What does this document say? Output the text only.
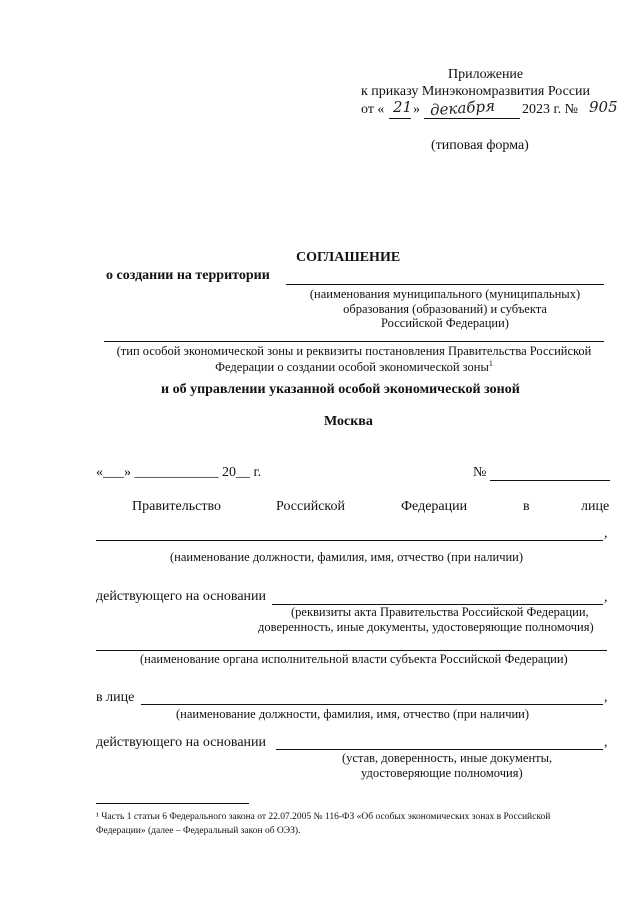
Приложение
к приказу Минэкономразвития России
от « 21 » декабря 2023 г. № 905
(типовая форма)
СОГЛАШЕНИЕ
о создании на территории
(наименования муниципального (муниципальных)
образования (образований) и субъекта
Российской Федерации)
(тип особой экономической зоны и реквизиты постановления Правительства Российской
Федерации о создании особой экономической зоны$^1$
и об управлении указанной особой экономической зоной
Москва
«___» ____________ 20__ г.	№
Правительство	Российской	Федерации	в	лице
,
(наименование должности, фамилия, имя, отчество (при наличии)
действующего на основании	,
(реквизиты акта Правительства Российской Федерации,
доверенность, иные документы, удостоверяющие полномочия)
(наименование органа исполнительной власти субъекта Российской Федерации)
в лице	,
(наименование должности, фамилия, имя, отчество (при наличии)
действующего на основании	,
(устав, доверенность, иные документы,
удостоверяющие полномочия)
¹ Часть 1 статьи 6 Федерального закона от 22.07.2005 № 116-ФЗ «Об особых экономических зонах в Российской
Федерации» (далее – Федеральный закон об ОЭЗ).
